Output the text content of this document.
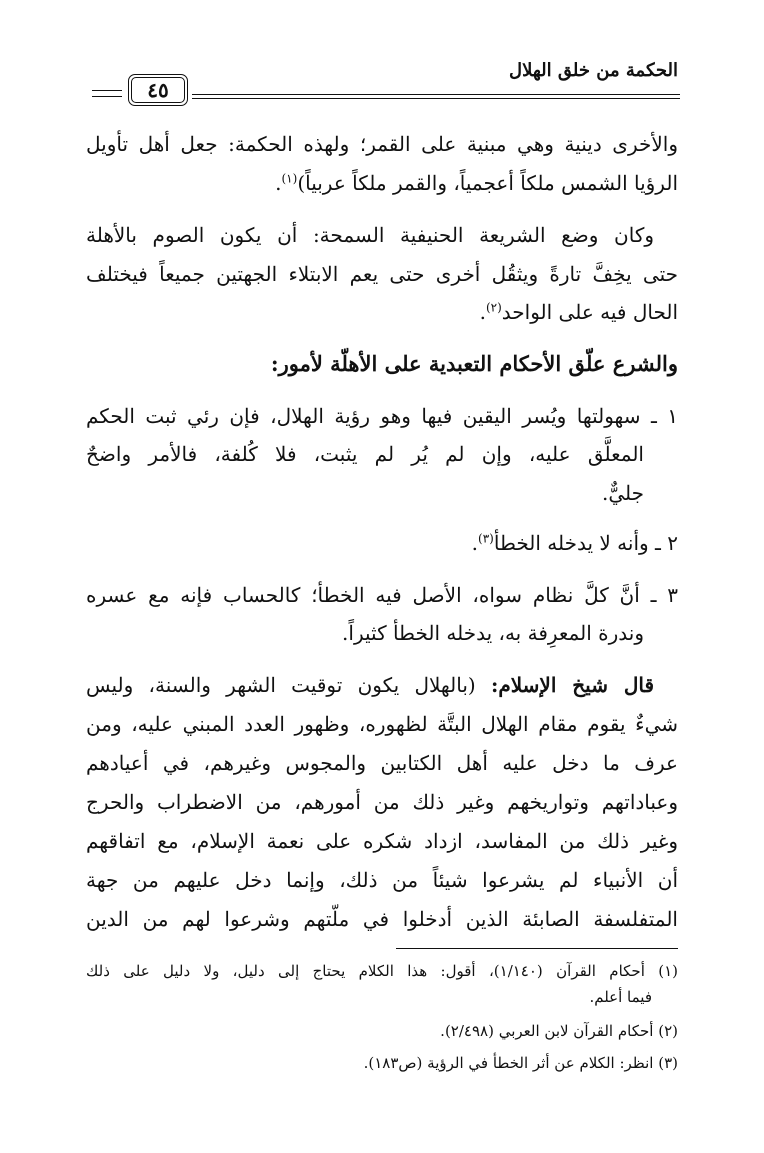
الحكمة من خلق الهلال
٤٥
والأخرى دينية وهي مبنية على القمر؛ ولهذه الحكمة: جعل أهل تأويل
الرؤيا الشمس ملكاً أعجمياً، والقمر ملكاً عربياً)$^{(١)}$.
وكان وضع الشريعة الحنيفية السمحة: أن يكون الصوم بالأهلة
حتى يخِفَّ تارةً ويثقُل أخرى حتى يعم الابتلاء الجهتين جميعاً فيختلف
الحال فيه على الواحد$^{(٢)}$.
والشرع علّق الأحكام التعبدية على الأهلّة لأمور:
١ ـ سهولتها ويُسر اليقين فيها وهو رؤية الهلال، فإن رئي ثبت الحكم
المعلَّق عليه، وإن لم يُر لم يثبت، فلا كُلفة، فالأمر واضحٌ
جليٌّ.
٢ ـ وأنه لا يدخله الخطأ$^{(٣)}$.
٣ ـ أنَّ كلَّ نظام سواه، الأصل فيه الخطأ؛ كالحساب فإنه مع عسره
وندرة المعرِفة به، يدخله الخطأ كثيراً.
قال شيخ الإسلام: (بالهلال يكون توقيت الشهر والسنة، وليس
شيءٌ يقوم مقام الهلال البتَّة لظهوره، وظهور العدد المبني عليه، ومن
عرف ما دخل عليه أهل الكتابين والمجوس وغيرهم، في أعيادهم
وعباداتهم وتواريخهم وغير ذلك من أمورهم، من الاضطراب والحرج
وغير ذلك من المفاسد، ازداد شكره على نعمة الإسلام، مع اتفاقهم
أن الأنبياء لم يشرعوا شيئاً من ذلك، وإنما دخل عليهم من جهة
المتفلسفة الصابئة الذين أدخلوا في ملّتهم وشرعوا لهم من الدين
(١) أحكام القرآن (١/١٤٠)، أقول: هذا الكلام يحتاج إلى دليل، ولا دليل على ذلك
فيما أعلم.
(٢) أحكام القرآن لابن العربي (٢/٤٩٨).
(٣) انظر: الكلام عن أثر الخطأ في الرؤية (ص١٨٣).
